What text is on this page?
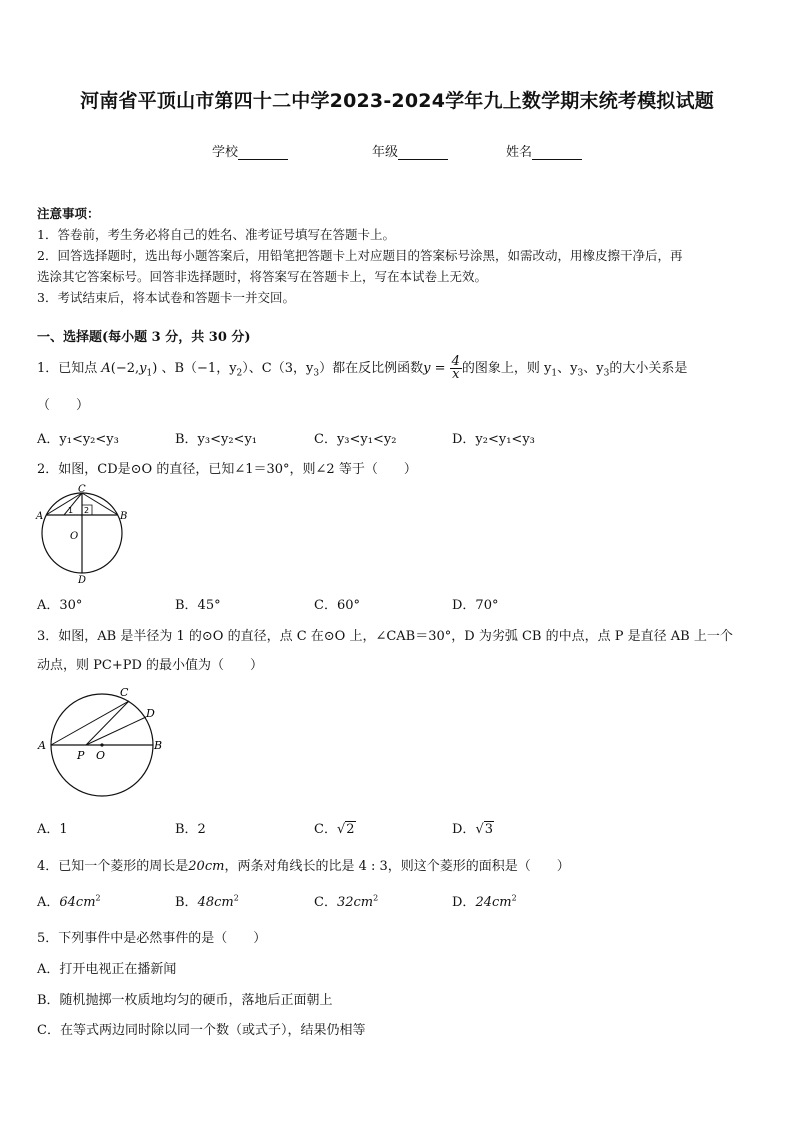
河南省平顶山市第四十二中学2023-2024学年九上数学期末统考模拟试题
学校	年级	姓名
注意事项：
1．答卷前，考生务必将自己的姓名、准考证号填写在答题卡上。
2．回答选择题时，选出每小题答案后，用铅笔把答题卡上对应题目的答案标号涂黑，如需改动，用橡皮擦干净后，再
选涂其它答案标号。回答非选择题时，将答案写在答题卡上，写在本试卷上无效。
3．考试结束后，将本试卷和答题卡一并交回。
一、选择题(每小题 3 分，共 30 分)
1．已知点 $A(-2,y_1)$ 、B（−1，$y_2$）、C（3，$y_3$）都在反比例函数$y = \frac{4}{x}$ 的图象上，则 $y_1$、$y_3$、$y_3$的大小关系是
（　　）
A．y₁<y₂<y₃	B．y₃<y₂<y₁	C．y₃<y₁<y₂	D．y₂<y₁<y₃
2．如图，CD是⊙O 的直径，已知∠1＝30°，则∠2 等于（　　）
C
A	B
O
D
1 2
A．30°	B．45°	C．60°	D．70°
3．如图，AB 是半径为 1 的⊙O 的直径，点 C 在⊙O 上，∠CAB＝30°，D 为劣弧 CB 的中点，点 P 是直径 AB 上一个
动点，则 PC+PD 的最小值为（　　）
C
D
A	B
P O
A．1	B．2	C．√2	D．√3
4．已知一个菱形的周长是20cm，两条对角线长的比是 4 : 3，则这个菱形的面积是（　　）
A．$64cm^2$	B．$48cm^2$	C．$32cm^2$	D．$24cm^2$
5．下列事件中是必然事件的是（　　）
A．打开电视正在播新闻
B．随机抛掷一枚质地均匀的硬币，落地后正面朝上
C．在等式两边同时除以同一个数（或式子），结果仍相等
